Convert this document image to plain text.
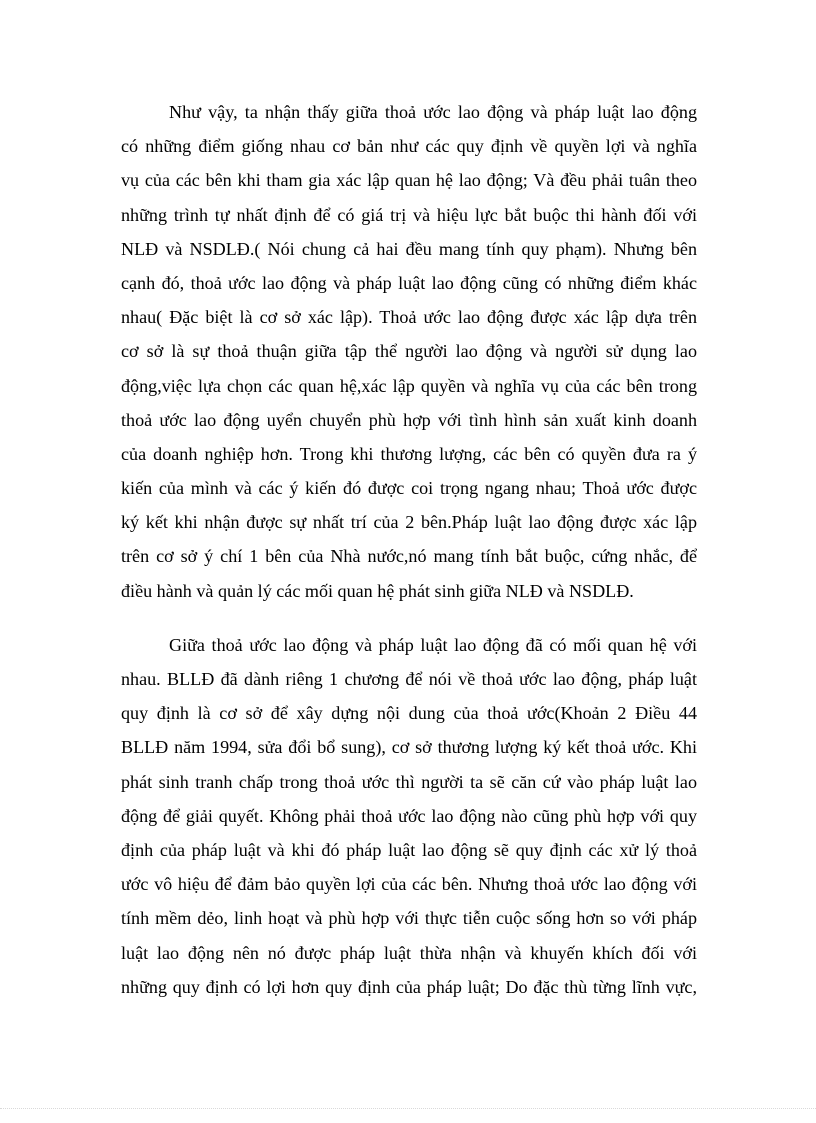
Như vậy, ta nhận thấy giữa thoả ước lao động và pháp luật lao động
có những điểm giống nhau cơ bản như các quy định về quyền lợi và nghĩa
vụ của các bên khi tham gia xác lập quan hệ lao động; Và đều phải tuân theo
những trình tự nhất định để có giá trị và hiệu lực bắt buộc thi hành đối với
NLĐ và NSDLĐ.( Nói chung cả hai đều mang tính quy phạm). Nhưng bên
cạnh đó, thoả ước lao động và pháp luật lao động cũng có những điểm khác
nhau( Đặc biệt là cơ sở xác lập). Thoả ước lao động được xác lập dựa trên
cơ sở là sự thoả thuận giữa tập thể người lao động và người sử dụng lao
động,việc lựa chọn các quan hệ,xác lập quyền và nghĩa vụ của các bên trong
thoả ước lao động uyển chuyển phù hợp với tình hình sản xuất kinh doanh
của doanh nghiệp hơn. Trong khi thương lượng, các bên có quyền đưa ra ý
kiến của mình và các ý kiến đó được coi trọng ngang nhau; Thoả ước được
ký kết khi nhận được sự nhất trí của 2 bên.Pháp luật lao động được xác lập
trên cơ sở ý chí 1 bên của Nhà nước,nó mang tính bắt buộc, cứng nhắc, để
điều hành và quản lý các mối quan hệ phát sinh giữa NLĐ và NSDLĐ.
Giữa thoả ước lao động và pháp luật lao động đã có mối quan hệ với
nhau. BLLĐ đã dành riêng 1 chương để nói về thoả ước lao động, pháp luật
quy định là cơ sở để xây dựng nội dung của thoả ước(Khoản 2 Điều 44
BLLĐ năm 1994, sửa đổi bổ sung), cơ sở thương lượng ký kết thoả ước. Khi
phát sinh tranh chấp trong thoả ước thì người ta sẽ căn cứ vào pháp luật lao
động để giải quyết. Không phải thoả ước lao động nào cũng phù hợp với quy
định của pháp luật và khi đó pháp luật lao động sẽ quy định các xử lý thoả
ước vô hiệu để đảm bảo quyền lợi của các bên. Nhưng thoả ước lao động với
tính mềm dẻo, linh hoạt và phù hợp với thực tiễn cuộc sống hơn so với pháp
luật lao động nên nó được pháp luật thừa nhận và khuyến khích đối với
những quy định có lợi hơn quy định của pháp luật; Do đặc thù từng lĩnh vực,
